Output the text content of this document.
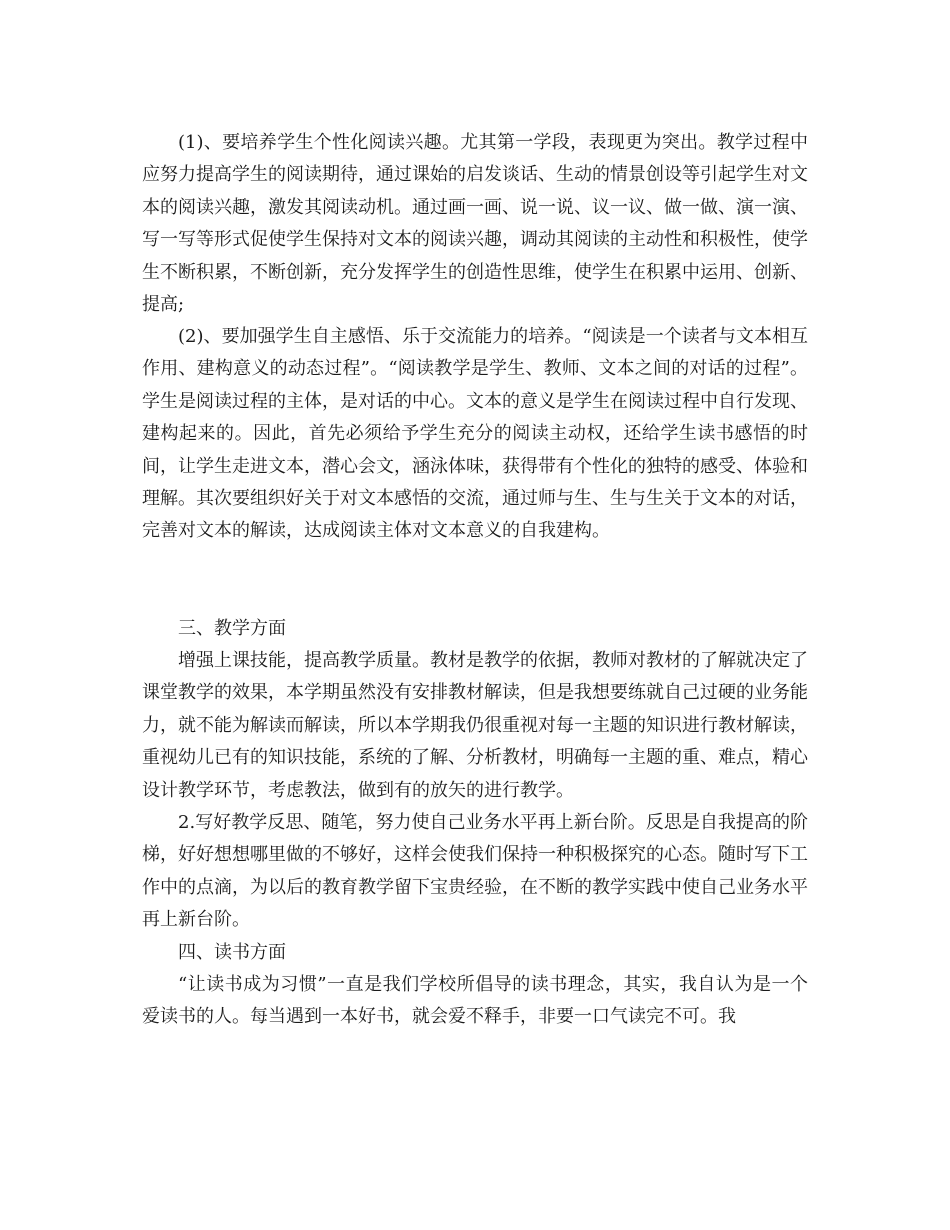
(1)、要培养学生个性化阅读兴趣。尤其第一学段，表现更为突出。教学过程中应努力提高学生的阅读期待，通过课始的启发谈话、生动的情景创设等引起学生对文本的阅读兴趣，激发其阅读动机。通过画一画、说一说、议一议、做一做、演一演、写一写等形式促使学生保持对文本的阅读兴趣，调动其阅读的主动性和积极性，使学生不断积累，不断创新，充分发挥学生的创造性思维，使学生在积累中运用、创新、提高;

(2)、要加强学生自主感悟、乐于交流能力的培养。“阅读是一个读者与文本相互作用、建构意义的动态过程”。“阅读教学是学生、教师、文本之间的对话的过程”。学生是阅读过程的主体，是对话的中心。文本的意义是学生在阅读过程中自行发现、建构起来的。因此，首先必须给予学生充分的阅读主动权，还给学生读书感悟的时间，让学生走进文本，潜心会文，涵泳体味，获得带有个性化的独特的感受、体验和理解。其次要组织好关于对文本感悟的交流，通过师与生、生与生关于文本的对话，完善对文本的解读，达成阅读主体对文本意义的自我建构。

三、教学方面

增强上课技能，提高教学质量。教材是教学的依据，教师对教材的了解就决定了课堂教学的效果，本学期虽然没有安排教材解读，但是我想要练就自己过硬的业务能力，就不能为解读而解读，所以本学期我仍很重视对每一主题的知识进行教材解读，重视幼儿已有的知识技能，系统的了解、分析教材，明确每一主题的重、难点，精心设计教学环节，考虑教法，做到有的放矢的进行教学。

2.写好教学反思、随笔，努力使自己业务水平再上新台阶。反思是自我提高的阶梯，好好想想哪里做的不够好，这样会使我们保持一种积极探究的心态。随时写下工作中的点滴，为以后的教育教学留下宝贵经验，在不断的教学实践中使自己业务水平再上新台阶。

四、读书方面

“让读书成为习惯”一直是我们学校所倡导的读书理念，其实，我自认为是一个爱读书的人。每当遇到一本好书，就会爱不释手，非要一口气读完不可。我
